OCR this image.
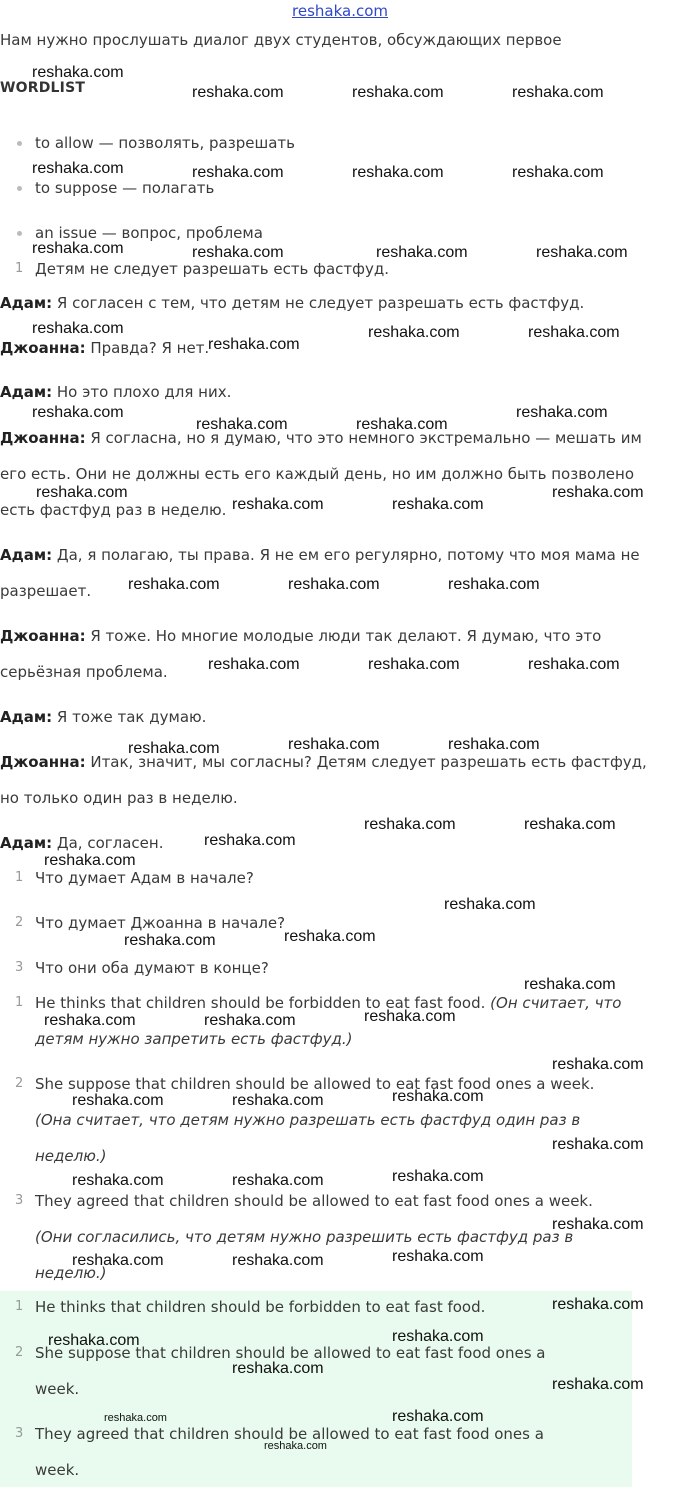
reshaka.com
Нам нужно прослушать диалог двух студентов, обсуждающих первое
WORDLIST
to allow — позволять, разрешать
to suppose — полагать
an issue — вопрос, проблема
1 Детям не следует разрешать есть фастфуд.
Адам: Я согласен с тем, что детям не следует разрешать есть фастфуд.
Джоанна: Правда? Я нет.
Адам: Но это плохо для них.
Джоанна: Я согласна, но я думаю, что это немного экстремально — мешать им
его есть. Они не должны есть его каждый день, но им должно быть позволено
есть фастфуд раз в неделю.
Адам: Да, я полагаю, ты права. Я не ем его регулярно, потому что моя мама не
разрешает.
Джоанна: Я тоже. Но многие молодые люди так делают. Я думаю, что это
серьёзная проблема.
Адам: Я тоже так думаю.
Джоанна: Итак, значит, мы согласны? Детям следует разрешать есть фастфуд,
но только один раз в неделю.
Адам: Да, согласен.
1 Что думает Адам в начале?
2 Что думает Джоанна в начале?
3 Что они оба думают в конце?
1 He thinks that children should be forbidden to eat fast food. (Он считает, что
детям нужно запретить есть фастфуд.)
2 She suppose that children should be allowed to eat fast food ones a week.
(Она считает, что детям нужно разрешать есть фастфуд один раз в
неделю.)
3 They agreed that children should be allowed to eat fast food ones a week.
(Они согласились, что детям нужно разрешить есть фастфуд раз в
неделю.)
1 He thinks that children should be forbidden to eat fast food.
2 She suppose that children should be allowed to eat fast food ones a
week.
3 They agreed that children should be allowed to eat fast food ones a
week.
reshaka.com
reshaka.com	reshaka.com	reshaka.com
reshaka.com	reshaka.com	reshaka.com	reshaka.com
reshaka.com	reshaka.com	reshaka.com	reshaka.com
reshaka.com
reshaka.com
reshaka.com	reshaka.com
reshaka.com
reshaka.com	reshaka.com
reshaka.com
reshaka.com
reshaka.com	reshaka.com
reshaka.com
reshaka.com	reshaka.com	reshaka.com
reshaka.com	reshaka.com	reshaka.com
reshaka.com	reshaka.com	reshaka.com
reshaka.com	reshaka.com
reshaka.com
reshaka.com
reshaka.com
reshaka.com	reshaka.com
reshaka.com
reshaka.com	reshaka.com	reshaka.com
reshaka.com
reshaka.com	reshaka.com	reshaka.com
reshaka.com
reshaka.com	reshaka.com	reshaka.com
reshaka.com
reshaka.com	reshaka.com	reshaka.com
reshaka.com
reshaka.com	reshaka.com
reshaka.com
reshaka.com
reshaka.com
reshaka.com
reshaka.com
